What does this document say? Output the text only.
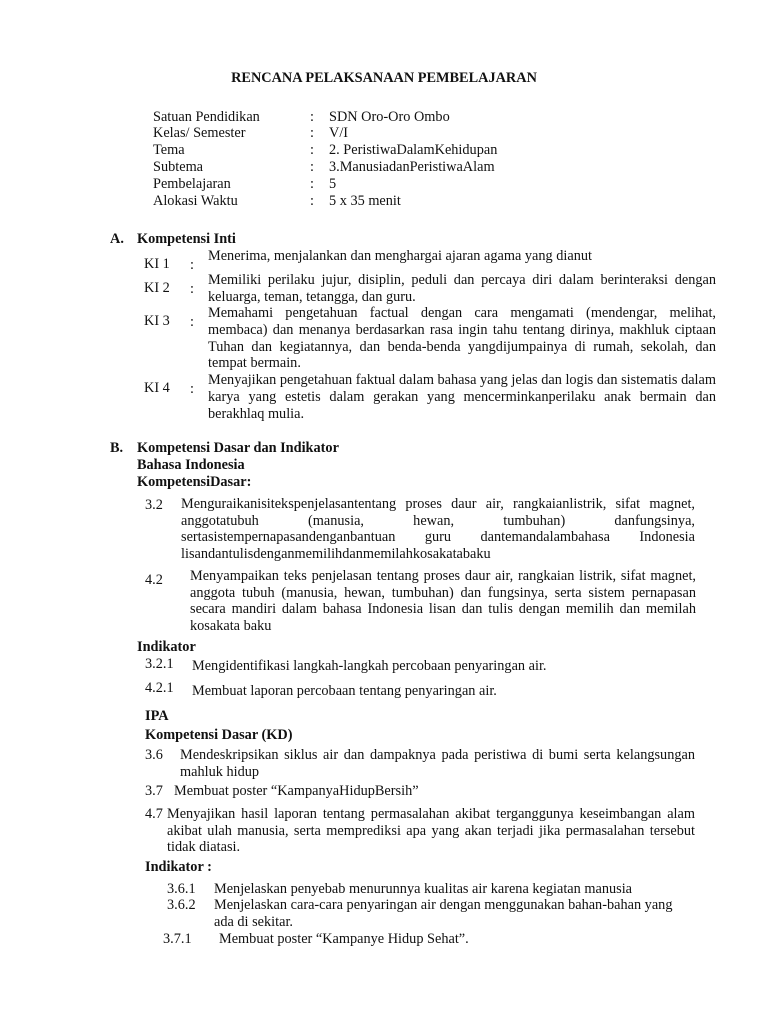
RENCANA PELAKSANAAN PEMBELAJARAN
Satuan Pendidikan	: SDN Oro-Oro Ombo
Kelas/ Semester	: V/I
Tema	: 2. PeristiwaDalamKehidupan
Subtema	: 3.ManusiadanPeristiwaAlam
Pembelajaran	: 5
Alokasi Waktu	: 5 x 35 menit
A. Kompetensi Inti
KI 1 :
Menerima, menjalankan dan menghargai ajaran agama yang dianut
KI 2 :
Memiliki perilaku jujur, disiplin, peduli dan percaya diri dalam berinteraksi dengan keluarga, teman, tetangga, dan guru.
KI 3 :
Memahami pengetahuan factual dengan cara mengamati (mendengar, melihat, membaca) dan menanya berdasarkan rasa ingin tahu tentang dirinya, makhluk ciptaan Tuhan dan kegiatannya, dan benda-benda yangdijumpainya di rumah, sekolah, dan tempat bermain.
KI 4 :
Menyajikan pengetahuan faktual dalam bahasa yang jelas dan logis dan sistematis dalam karya yang estetis dalam gerakan yang mencerminkanperilaku anak bermain dan berakhlaq mulia.
B. Kompetensi Dasar dan Indikator
Bahasa Indonesia
KompetensiDasar:
3.2 Menguraikanisitekspenjelasantentang proses daur air, rangkaianlistrik, sifat magnet, anggotatubuh (manusia, hewan, tumbuhan) danfungsinya, sertasistempernapasandenganbantuan guru dantemandalambahasa Indonesia lisandantulisdenganmemilihdanmemilahkosakatabaku
4.2 Menyampaikan teks penjelasan tentang proses daur air, rangkaian listrik, sifat magnet, anggota tubuh (manusia, hewan, tumbuhan) dan fungsinya, serta sistem pernapasan secara mandiri dalam bahasa Indonesia lisan dan tulis dengan memilih dan memilah kosakata baku
Indikator
3.2.1 Mengidentifikasi langkah-langkah percobaan penyaringan air.
4.2.1 Membuat laporan percobaan tentang penyaringan air.
IPA
Kompetensi Dasar (KD)
3.6 Mendeskripsikan siklus air dan dampaknya pada peristiwa di bumi serta kelangsungan mahluk hidup
3.7 Membuat poster “KampanyaHidupBersih”
4.7 Menyajikan hasil laporan tentang permasalahan akibat terganggunya keseimbangan alam akibat ulah manusia, serta memprediksi apa yang akan terjadi jika permasalahan tersebut tidak diatasi.
Indikator :
3.6.1 Menjelaskan penyebab menurunnya kualitas air karena kegiatan manusia
3.6.2 Menjelaskan cara-cara penyaringan air dengan menggunakan bahan-bahan yang ada di sekitar.
3.7.1 Membuat poster “Kampanye Hidup Sehat”.
